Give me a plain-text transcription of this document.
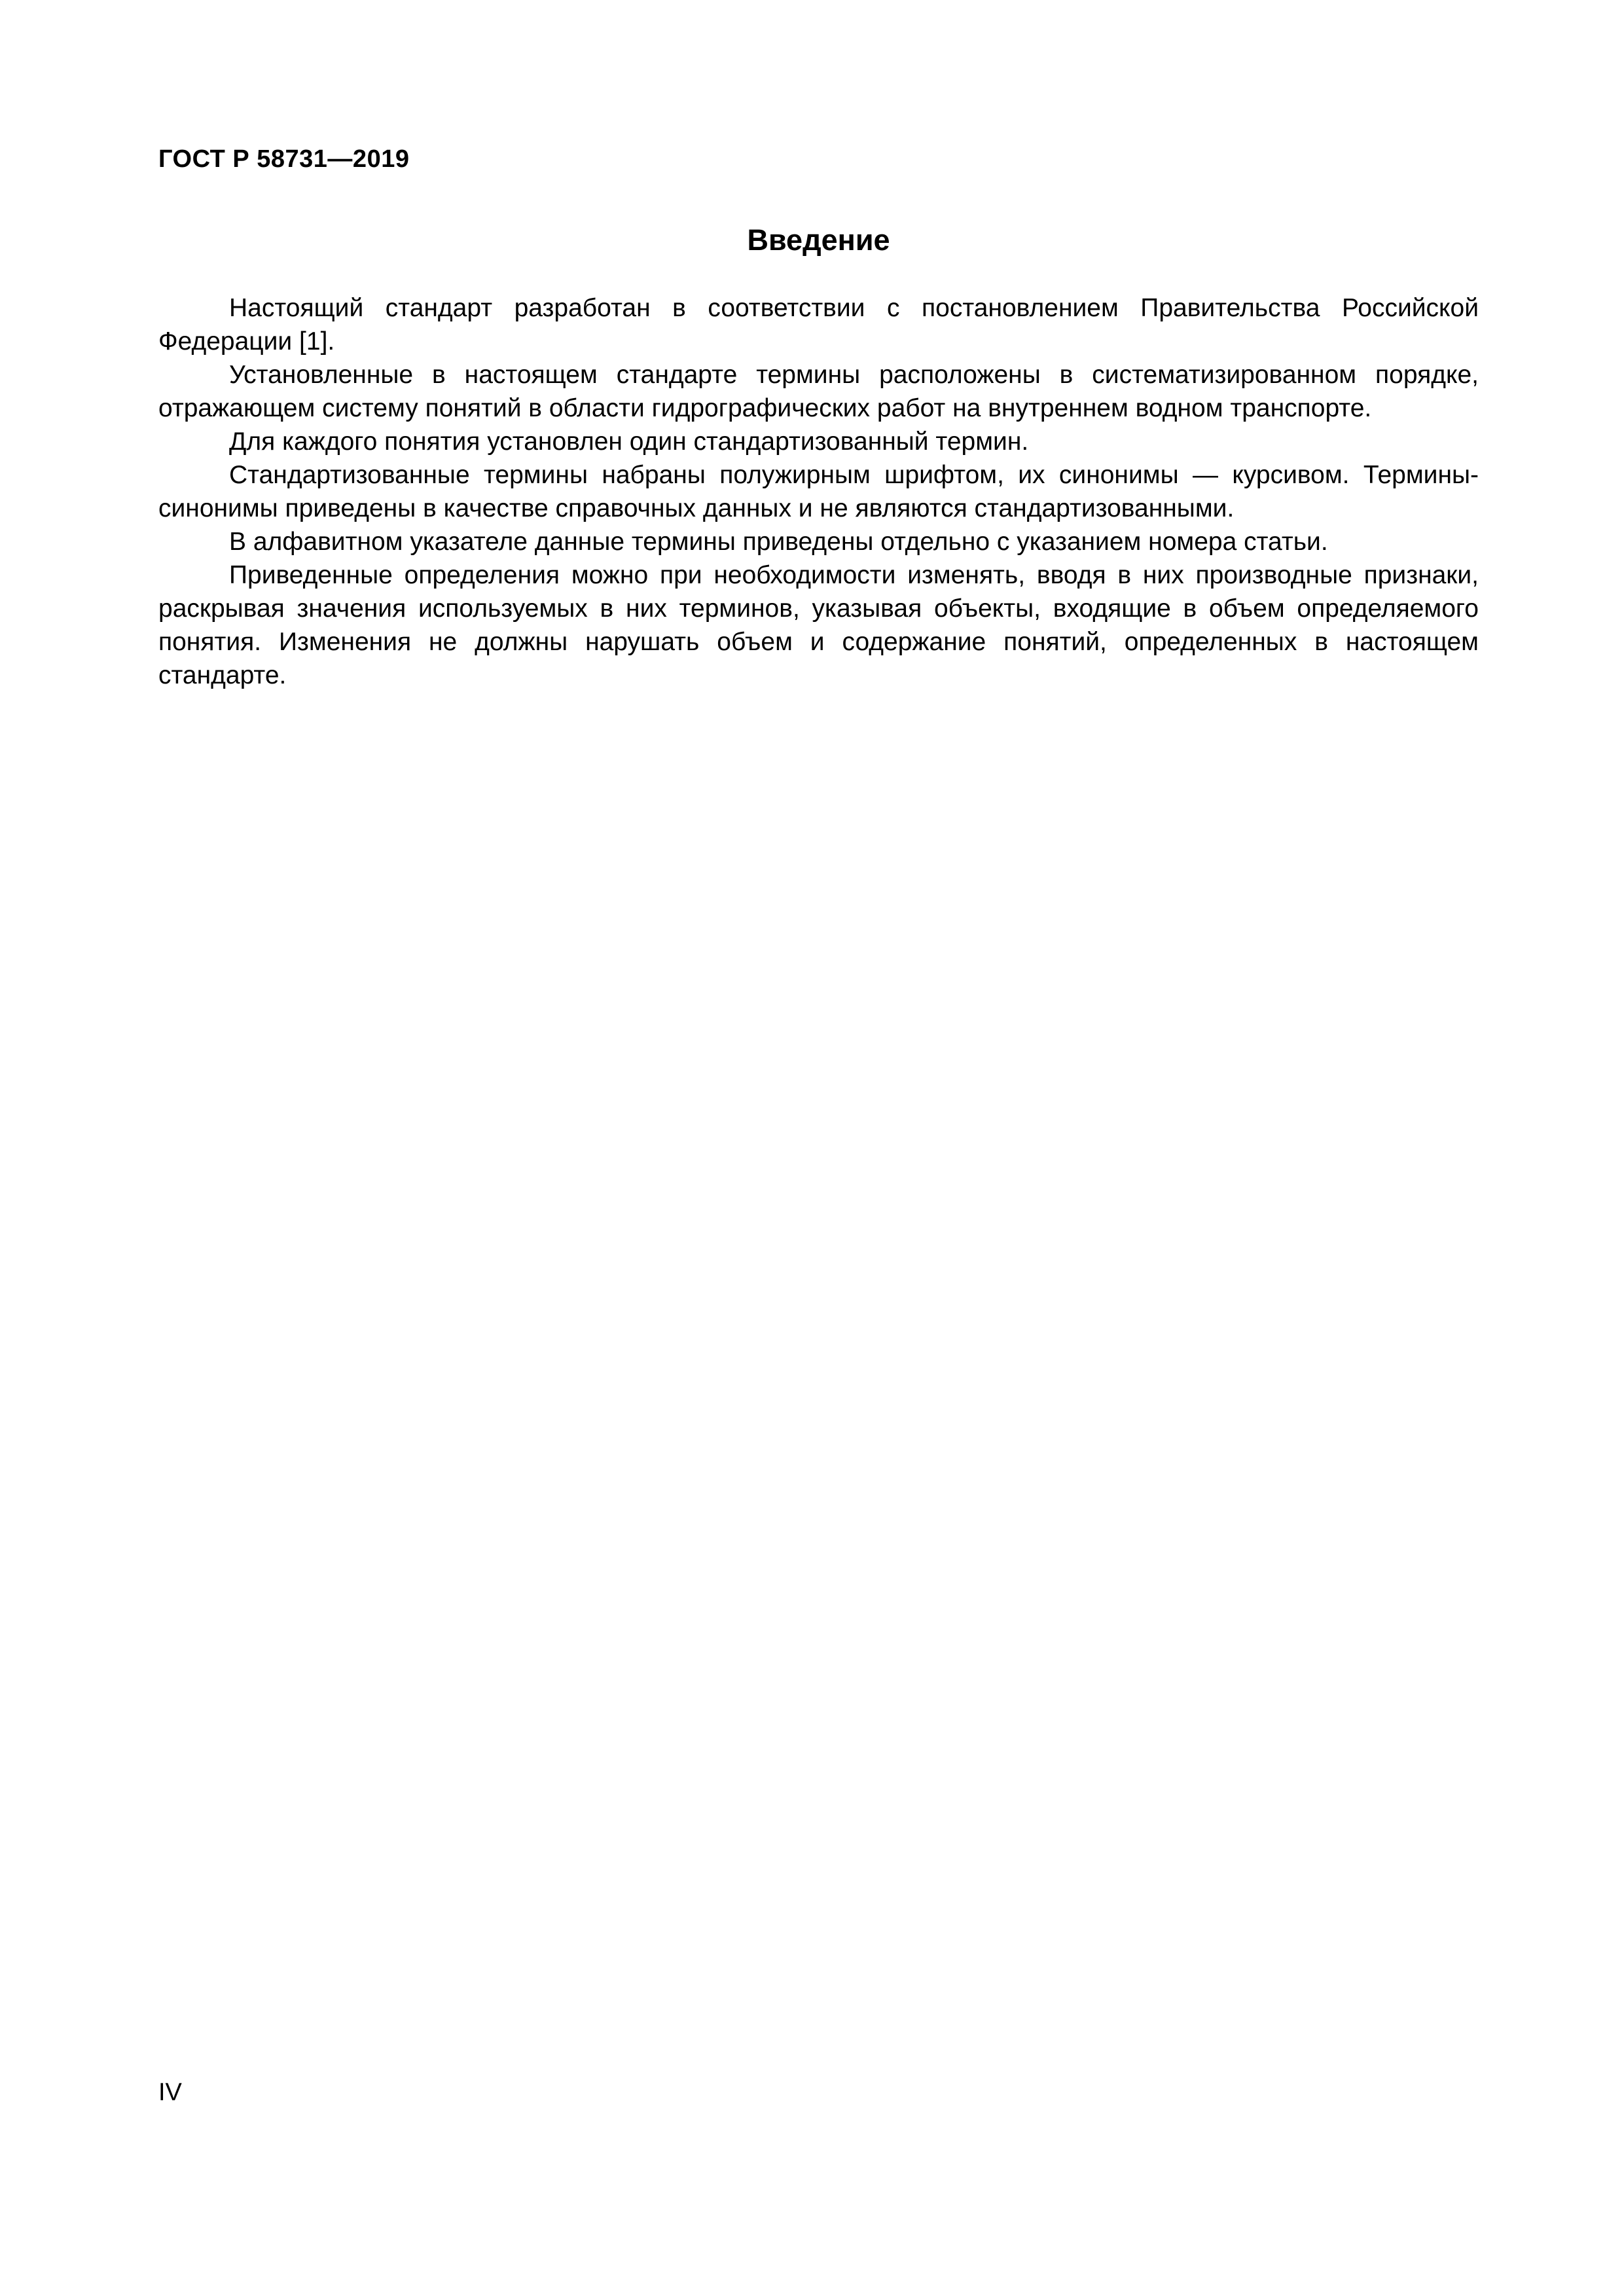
ГОСТ Р 58731—2019
Введение

Настоящий стандарт разработан в соответствии с постановлением Правительства Российской Федерации [1].

Установленные в настоящем стандарте термины расположены в систематизированном порядке, отражающем систему понятий в области гидрографических работ на внутреннем водном транспорте.

Для каждого понятия установлен один стандартизованный термин.

Стандартизованные термины набраны полужирным шрифтом, их синонимы — курсивом. Термины-синонимы приведены в качестве справочных данных и не являются стандартизованными.

В алфавитном указателе данные термины приведены отдельно с указанием номера статьи.

Приведенные определения можно при необходимости изменять, вводя в них производные признаки, раскрывая значения используемых в них терминов, указывая объекты, входящие в объем определяемого понятия. Изменения не должны нарушать объем и содержание понятий, определенных в настоящем стандарте.

IV
